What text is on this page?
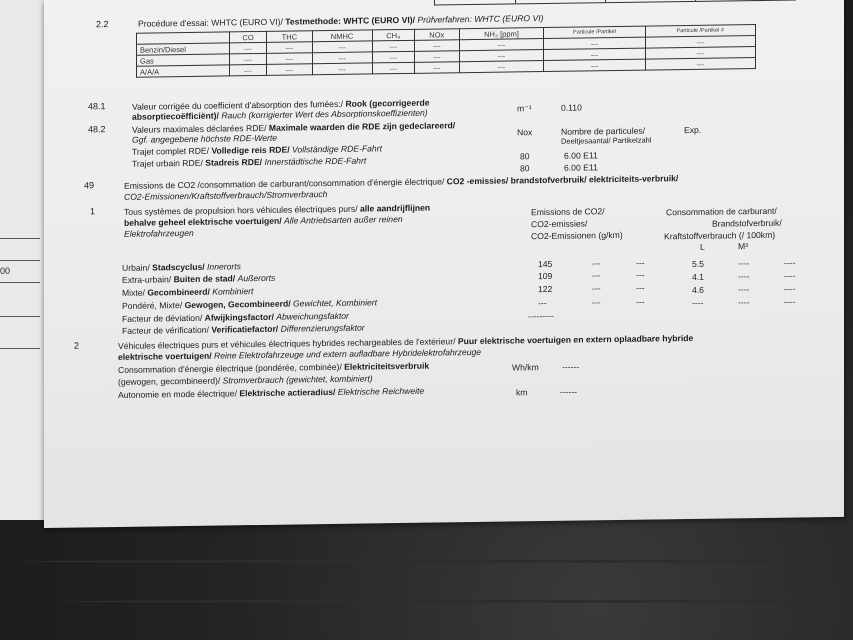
00
2.2	Procédure d'essai: WHTC (EURO VI)/ Testmethode: WHTC (EURO VI)/ Prüfverfahren: WHTC (EURO VI)
	CO	THC	NMHC	CH₄	NOx	NH₃ [ppm]	Particule /Partikel	Particule /Partikel #
Benzin/Diesel	---	---	---	---	---	---	---	---
Gas	---	---	---	---	---	---	---	---
A/A/A	---	---	---	---	---	---	---	---
48.1	Valeur corrigée du coefficient d'absorption des fumées:/ Rook (gecorrigeerde
absorptiecoëfficiënt)/ Rauch (korrigierter Wert des Absorptionskoeffizienten)	m⁻¹	0.110
48.2	Valeurs maximales déclarées RDE/ Maximale waarden die RDE zijn gedeclareerd/
Ggf. angegebene höchste RDE-Werte
Nox	Nombre de particules/
Deeltjesaantal/ Partikelzahl
Exp.
Trajet complet RDE/ Volledige reis RDE/ Vollständige RDE-Fahrt
80	6.00 E11
Trajet urbain RDE/ Stadreis RDE/ Innerstädtische RDE-Fahrt
80	6.00 E11
49	Emissions de CO2 /consommation de carburant/consommation d'énergie électrique/ CO2 -emissies/ brandstofverbruik/ elektriciteits-verbruik/
CO2-Emissionen/Kraftstoffverbrauch/Stromverbrauch
1	Tous systèmes de propulsion hors véhicules électriques purs/ alle aandrijflijnen
behalve geheel elektrische voertuigen/ Alle Antriebsarten außer reinen
Elektrofahrzeugen
Emissions de CO2/
CO2-emissies/
CO2-Emissionen (g/km)
Consommation de carburant/
Brandstofverbruik/
Kraftstoffverbrauch (/ 100km)
L	M³
Urbain/ Stadscyclus/ Innerorts	145	---	---	5.5	----	----
Extra-urbain/ Buiten de stad/ Außerorts	109	---	---	4.1	----	----
Mixte/ Gecombineerd/ Kombiniert	122	---	---	4.6	----	----
Pondéré, Mixte/ Gewogen, Gecombineerd/ Gewichtet, Kombiniert	---	---	---	----	----	----
Facteur de déviation/ Afwijkingsfactor/ Abweichungsfaktor	---------
Facteur de vérification/ Verificatiefactor/ Differenzierungsfaktor
2	Véhicules électriques purs et véhicules électriques hybrides rechargeables de l'extérieur/ Puur elektrische voertuigen en extern oplaadbare hybride
elektrische voertuigen/ Reine Elektrofahrzeuge und extern aufladbare Hybridelektrofahrzeuge
Consommation d'énergie électrique (pondérée, combinée)/ Elektriciteitsverbruik	Wh/km	------
(gewogen, gecombineerd)/ Stromverbrauch (gewichtet, kombiniert)
Autonomie en mode électrique/ Elektrische actieradius/ Elektrische Reichweite	km	------
